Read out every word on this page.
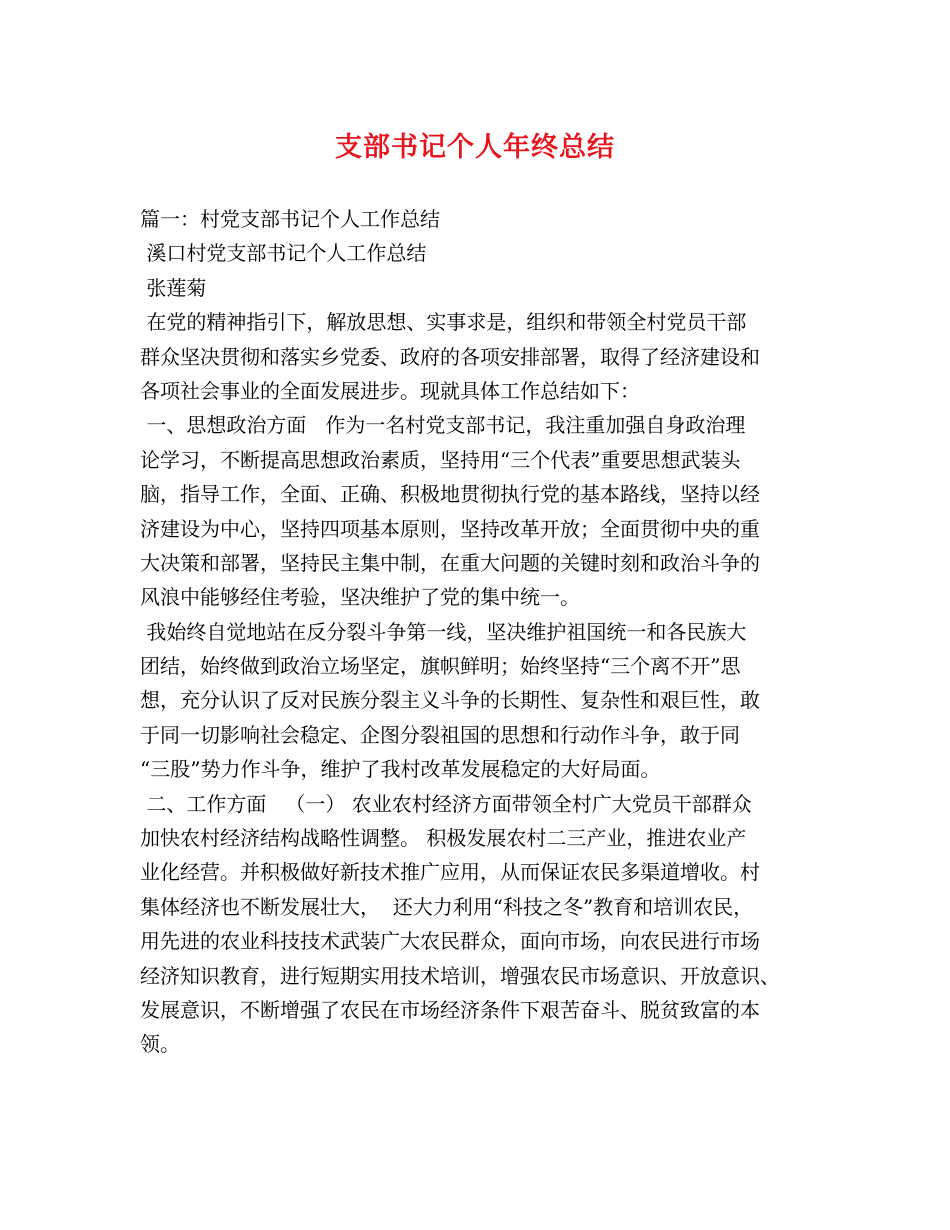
支部书记个人年终总结
篇一：村党支部书记个人工作总结
溪口村党支部书记个人工作总结
张莲菊
在党的精神指引下，解放思想、实事求是，组织和带领全村党员干部
群众坚决贯彻和落实乡党委、政府的各项安排部署，取得了经济建设和
各项社会事业的全面发展进步。现就具体工作总结如下：
一、思想政治方面   作为一名村党支部书记，我注重加强自身政治理
论学习，不断提高思想政治素质，坚持用“三个代表”重要思想武装头
脑，指导工作，全面、正确、积极地贯彻执行党的基本路线，坚持以经
济建设为中心，坚持四项基本原则，坚持改革开放；全面贯彻中央的重
大决策和部署，坚持民主集中制，在重大问题的关键时刻和政治斗争的
风浪中能够经住考验，坚决维护了党的集中统一。
我始终自觉地站在反分裂斗争第一线，坚决维护祖国统一和各民族大
团结，始终做到政治立场坚定，旗帜鲜明；始终坚持“三个离不开”思
想，充分认识了反对民族分裂主义斗争的长期性、复杂性和艰巨性，敢
于同一切影响社会稳定、企图分裂祖国的思想和行动作斗争，敢于同
“三股”势力作斗争，维护了我村改革发展稳定的大好局面。
二、工作方面   （一） 农业农村经济方面带领全村广大党员干部群众
加快农村经济结构战略性调整。 积极发展农村二三产业，推进农业产
业化经营。并积极做好新技术推广应用，从而保证农民多渠道增收。村
集体经济也不断发展壮大，  还大力利用“科技之冬”教育和培训农民，
用先进的农业科技技术武装广大农民群众，面向市场，向农民进行市场
经济知识教育，进行短期实用技术培训，增强农民市场意识、开放意识、
发展意识，不断增强了农民在市场经济条件下艰苦奋斗、脱贫致富的本
领。
